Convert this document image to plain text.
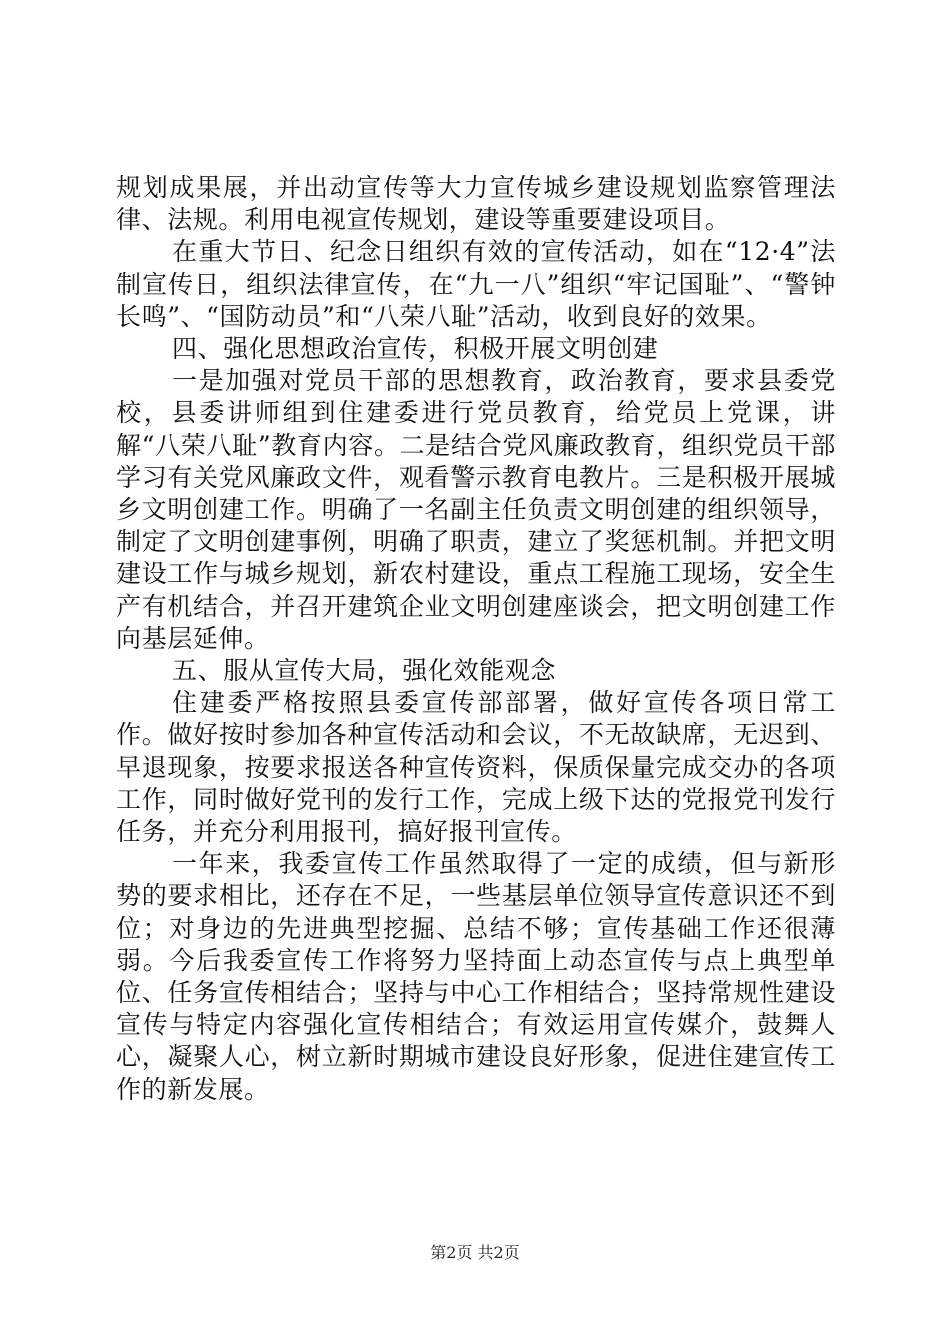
规划成果展，并出动宣传等大力宣传城乡建设规划监察管理法律、法规。利用电视宣传规划，建设等重要建设项目。

在重大节日、纪念日组织有效的宣传活动，如在“12·4”法制宣传日，组织法律宣传，在“九一八”组织“牢记国耻”、“警钟长鸣”、“国防动员”和“八荣八耻”活动，收到良好的效果。

四、强化思想政治宣传，积极开展文明创建

一是加强对党员干部的思想教育，政治教育，要求县委党校，县委讲师组到住建委进行党员教育，给党员上党课，讲解“八荣八耻”教育内容。二是结合党风廉政教育，组织党员干部学习有关党风廉政文件，观看警示教育电教片。三是积极开展城乡文明创建工作。明确了一名副主任负责文明创建的组织领导，制定了文明创建事例，明确了职责，建立了奖惩机制。并把文明建设工作与城乡规划，新农村建设，重点工程施工现场，安全生产有机结合，并召开建筑企业文明创建座谈会，把文明创建工作向基层延伸。

五、服从宣传大局，强化效能观念

住建委严格按照县委宣传部部署，做好宣传各项日常工作。做好按时参加各种宣传活动和会议，不无故缺席，无迟到、早退现象，按要求报送各种宣传资料，保质保量完成交办的各项工作，同时做好党刊的发行工作，完成上级下达的党报党刊发行任务，并充分利用报刊，搞好报刊宣传。

一年来，我委宣传工作虽然取得了一定的成绩，但与新形势的要求相比，还存在不足，一些基层单位领导宣传意识还不到位；对身边的先进典型挖掘、总结不够；宣传基础工作还很薄弱。今后我委宣传工作将努力坚持面上动态宣传与点上典型单位、任务宣传相结合；坚持与中心工作相结合；坚持常规性建设宣传与特定内容强化宣传相结合；有效运用宣传媒介，鼓舞人心，凝聚人心，树立新时期城市建设良好形象，促进住建宣传工作的新发展。

第2页 共2页
